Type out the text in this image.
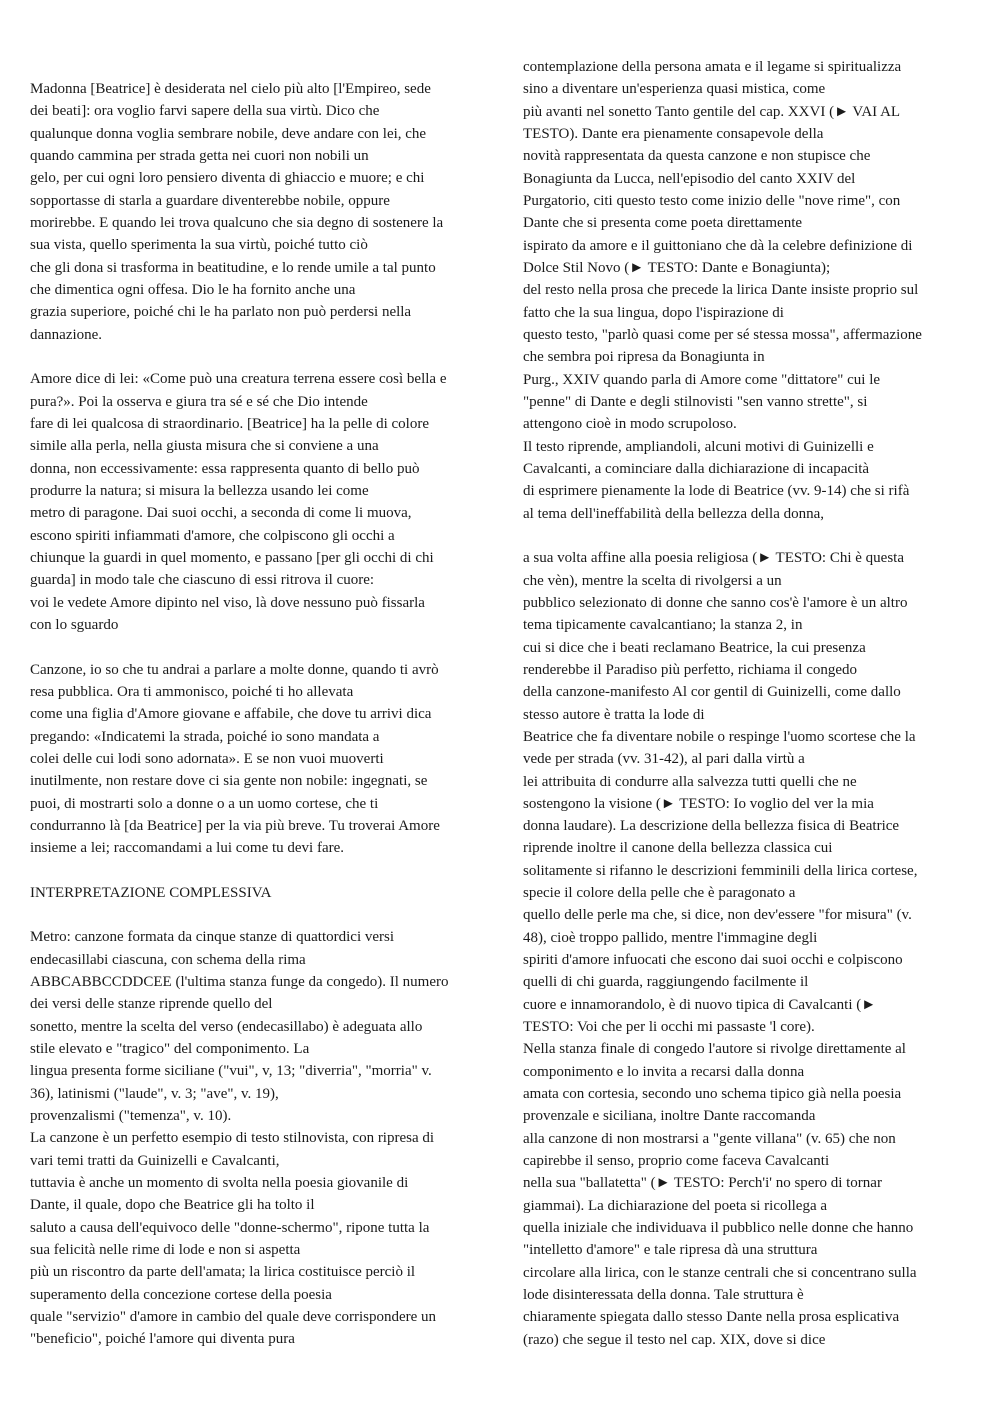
Madonna [Beatrice] è desiderata nel cielo più alto [l'Empireo, sede
dei beati]: ora voglio farvi sapere della sua virtù. Dico che
qualunque donna voglia sembrare nobile, deve andare con lei, che
quando cammina per strada getta nei cuori non nobili un
gelo, per cui ogni loro pensiero diventa di ghiaccio e muore; e chi
sopportasse di starla a guardare diventerebbe nobile, oppure
morirebbe. E quando lei trova qualcuno che sia degno di sostenere la
sua vista, quello sperimenta la sua virtù, poiché tutto ciò
che gli dona si trasforma in beatitudine, e lo rende umile a tal punto
che dimentica ogni offesa. Dio le ha fornito anche una
grazia superiore, poiché chi le ha parlato non può perdersi nella
dannazione.
Amore dice di lei: «Come può una creatura terrena essere così bella e
pura?». Poi la osserva e giura tra sé e sé che Dio intende
fare di lei qualcosa di straordinario. [Beatrice] ha la pelle di colore
simile alla perla, nella giusta misura che si conviene a una
donna, non eccessivamente: essa rappresenta quanto di bello può
produrre la natura; si misura la bellezza usando lei come
metro di paragone. Dai suoi occhi, a seconda di come li muova,
escono spiriti infiammati d'amore, che colpiscono gli occhi a
chiunque la guardi in quel momento, e passano [per gli occhi di chi
guarda] in modo tale che ciascuno di essi ritrova il cuore:
voi le vedete Amore dipinto nel viso, là dove nessuno può fissarla
con lo sguardo
Canzone, io so che tu andrai a parlare a molte donne, quando ti avrò
resa pubblica. Ora ti ammonisco, poiché ti ho allevata
come una figlia d'Amore giovane e affabile, che dove tu arrivi dica
pregando: «Indicatemi la strada, poiché io sono mandata a
colei delle cui lodi sono adornata». E se non vuoi muoverti
inutilmente, non restare dove ci sia gente non nobile: ingegnati, se
puoi, di mostrarti solo a donne o a un uomo cortese, che ti
condurranno là [da Beatrice] per la via più breve. Tu troverai Amore
insieme a lei; raccomandami a lui come tu devi fare.
INTERPRETAZIONE COMPLESSIVA
Metro: canzone formata da cinque stanze di quattordici versi
endecasillabi ciascuna, con schema della rima
ABBCABBCCDDCEE (l'ultima stanza funge da congedo). Il numero
dei versi delle stanze riprende quello del
sonetto, mentre la scelta del verso (endecasillabo) è adeguata allo
stile elevato e "tragico" del componimento. La
lingua presenta forme siciliane ("vui", v, 13; "diverria", "morria" v.
36), latinismi ("laude", v. 3; "ave", v. 19),
provenzalismi ("temenza", v. 10).
La canzone è un perfetto esempio di testo stilnovista, con ripresa di
vari temi tratti da Guinizelli e Cavalcanti,
tuttavia è anche un momento di svolta nella poesia giovanile di
Dante, il quale, dopo che Beatrice gli ha tolto il
saluto a causa dell'equivoco delle "donne-schermo", ripone tutta la
sua felicità nelle rime di lode e non si aspetta
più un riscontro da parte dell'amata; la lirica costituisce perciò il
superamento della concezione cortese della poesia
quale "servizio" d'amore in cambio del quale deve corrispondere un
"beneficio", poiché l'amore qui diventa pura
contemplazione della persona amata e il legame si spiritualizza
sino a diventare un'esperienza quasi mistica, come
più avanti nel sonetto Tanto gentile del cap. XXVI (► VAI AL
TESTO). Dante era pienamente consapevole della
novità rappresentata da questa canzone e non stupisce che
Bonagiunta da Lucca, nell'episodio del canto XXIV del
Purgatorio, citi questo testo come inizio delle "nove rime", con
Dante che si presenta come poeta direttamente
ispirato da amore e il guittoniano che dà la celebre definizione di
Dolce Stil Novo (► TESTO: Dante e Bonagiunta);
del resto nella prosa che precede la lirica Dante insiste proprio sul
fatto che la sua lingua, dopo l'ispirazione di
questo testo, "parlò quasi come per sé stessa mossa", affermazione
che sembra poi ripresa da Bonagiunta in
Purg., XXIV quando parla di Amore come "dittatore" cui le
"penne" di Dante e degli stilnovisti "sen vanno strette", si
attengono cioè in modo scrupoloso.
Il testo riprende, ampliandoli, alcuni motivi di Guinizelli e
Cavalcanti, a cominciare dalla dichiarazione di incapacità
di esprimere pienamente la lode di Beatrice (vv. 9-14) che si rifà
al tema dell'ineffabilità della bellezza della donna,
a sua volta affine alla poesia religiosa (► TESTO: Chi è questa
che vèn), mentre la scelta di rivolgersi a un
pubblico selezionato di donne che sanno cos'è l'amore è un altro
tema tipicamente cavalcantiano; la stanza 2, in
cui si dice che i beati reclamano Beatrice, la cui presenza
renderebbe il Paradiso più perfetto, richiama il congedo
della canzone-manifesto Al cor gentil di Guinizelli, come dallo
stesso autore è tratta la lode di
Beatrice che fa diventare nobile o respinge l'uomo scortese che la
vede per strada (vv. 31-42), al pari dalla virtù a
lei attribuita di condurre alla salvezza tutti quelli che ne
sostengono la visione (► TESTO: Io voglio del ver la mia
donna laudare). La descrizione della bellezza fisica di Beatrice
riprende inoltre il canone della bellezza classica cui
solitamente si rifanno le descrizioni femminili della lirica cortese,
specie il colore della pelle che è paragonato a
quello delle perle ma che, si dice, non dev'essere "for misura" (v.
48), cioè troppo pallido, mentre l'immagine degli
spiriti d'amore infuocati che escono dai suoi occhi e colpiscono
quelli di chi guarda, raggiungendo facilmente il
cuore e innamorandolo, è di nuovo tipica di Cavalcanti (►
TESTO: Voi che per li occhi mi passaste 'l core).
Nella stanza finale di congedo l'autore si rivolge direttamente al
componimento e lo invita a recarsi dalla donna
amata con cortesia, secondo uno schema tipico già nella poesia
provenzale e siciliana, inoltre Dante raccomanda
alla canzone di non mostrarsi a "gente villana" (v. 65) che non
capirebbe il senso, proprio come faceva Cavalcanti
nella sua "ballatetta" (► TESTO: Perch'i' no spero di tornar
giammai). La dichiarazione del poeta si ricollega a
quella iniziale che individuava il pubblico nelle donne che hanno
"intelletto d'amore" e tale ripresa dà una struttura
circolare alla lirica, con le stanze centrali che si concentrano sulla
lode disinteressata della donna. Tale struttura è
chiaramente spiegata dallo stesso Dante nella prosa esplicativa
(razo) che segue il testo nel cap. XIX, dove si dice
